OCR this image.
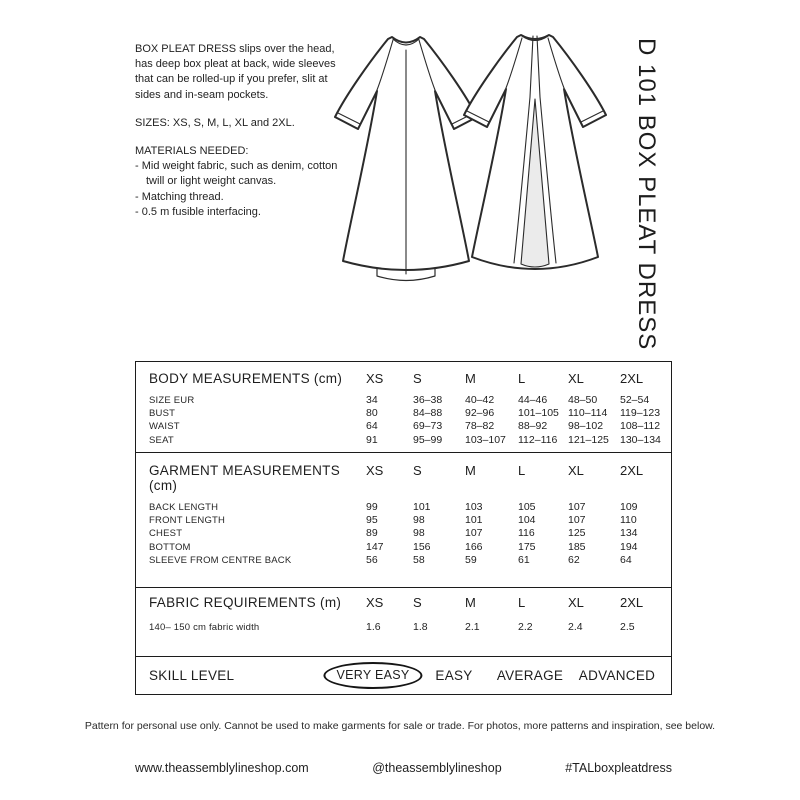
BOX PLEAT DRESS slips over the head, has deep box pleat at back, wide sleeves that can be rolled-up if you prefer, slit at sides and in-seam pockets.

SIZES: XS, S, M, L, XL and 2XL.

MATERIALS NEEDED:

- Mid weight fabric, such as denim, cotton twill or light weight canvas.

- Matching thread.

- 0.5 m fusible interfacing.	D 101 BOX PLEAT DRESS
BODY MEASUREMENTS (cm)	XS	S	M	L	XL	2XL
SIZE EUR	34	36–38	40–42	44–46	48–50	52–54
BUST	80	84–88	92–96	101–105 110–114	119–123
WAIST	64	69–73	78–82	88–92	98–102	108–112
SEAT	91	95–99	103–107	112–116	121–125	130–134
GARMENT MEASUREMENTS (cm)
XS	S	M	L	XL	2XL
BACK LENGTH	99	101	103	105	107	109
FRONT LENGTH	95	98	101	104	107	110
CHEST	89	98	107	116	125	134
BOTTOM	147	156	166	175	185	194
SLEEVE FROM CENTRE BACK	56	58	59	61	62	64
FABRIC REQUIREMENTS (m)	XS	S	M	L	XL	2XL
140– 150 cm fabric width	1.6	1.8	2.1	2.2	2.4	2.5
SKILL LEVEL	VERY EASY	EASY AVERAGE ADVANCED

Pattern for personal use only. Cannot be used to make garments for sale or trade. For photos, more patterns and inspiration, see below.

www.theassemblylineshop.com	@theassemblylineshop	#TALboxpleatdress
